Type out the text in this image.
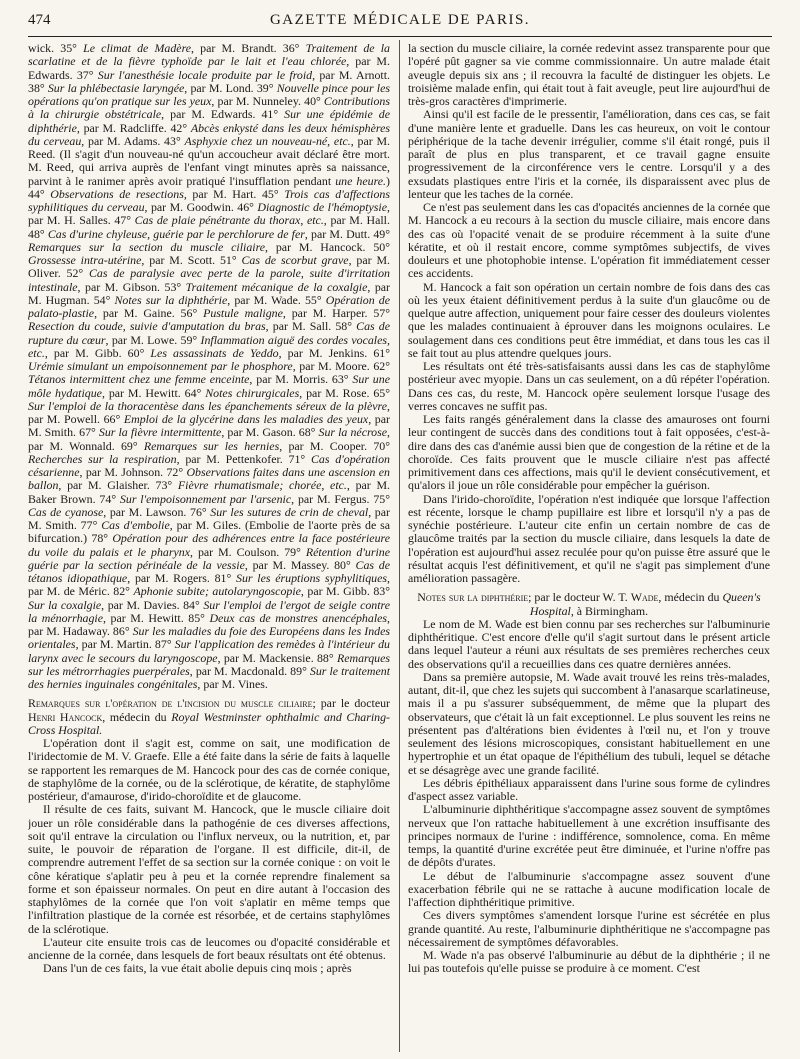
474	GAZETTE MÉDICALE DE PARIS.

wick. 35° Le climat de Madère, par M. Brandt. 36° Traitement de la scarlatine et de la fièvre typhoïde par le lait et l'eau chlorée, par M. Edwards. 37° Sur l'anesthésie locale produite par le froid, par M. Arnott. 38° Sur la phlébectasie laryngée, par M. Lond. 39° Nouvelle pince pour les opérations qu'on pratique sur les yeux, par M. Nunneley. 40° Contributions à la chirurgie obstétricale, par M. Edwards. 41° Sur une épidémie de diphthérie, par M. Radcliffe. 42° Abcès enkysté dans les deux hémisphères du cerveau, par M. Adams. 43° Asphyxie chez un nouveau-né, etc., par M. Reed. (Il s'agit d'un nouveau-né qu'un accoucheur avait déclaré être mort. M. Reed, qui arriva auprès de l'enfant vingt minutes après sa naissance, parvint à le ranimer après avoir pratiqué l'insufflation pendant une heure.) 44° Observations de resections, par M. Hart. 45° Trois cas d'affections syphilitiques du cerveau, par M. Goodwin. 46° Diagnostic de l'hémoptysie, par M. H. Salles. 47° Cas de plaie pénétrante du thorax, etc., par M. Hall. 48° Cas d'urine chyleuse, guérie par le perchlorure de fer, par M. Dutt. 49° Remarques sur la section du muscle ciliaire, par M. Hancock. 50° Grossesse intra-utérine, par M. Scott. 51° Cas de scorbut grave, par M. Oliver. 52° Cas de paralysie avec perte de la parole, suite d'irritation intestinale, par M. Gibson. 53° Traitement mécanique de la coxalgie, par M. Hugman. 54° Notes sur la diphthérie, par M. Wade. 55° Opération de palato-plastie, par M. Gaine. 56° Pustule maligne, par M. Harper. 57° Resection du coude, suivie d'amputation du bras, par M. Sall. 58° Cas de rupture du cœur, par M. Lowe. 59° Inflammation aiguë des cordes vocales, etc., par M. Gibb. 60° Les assassinats de Yeddo, par M. Jenkins. 61° Urémie simulant un empoisonnement par le phosphore, par M. Moore. 62° Tétanos intermittent chez une femme enceinte, par M. Morris. 63° Sur une môle hydatique, par M. Hewitt. 64° Notes chirurgicales, par M. Rose. 65° Sur l'emploi de la thoracentèse dans les épanchements séreux de la plèvre, par M. Powell. 66° Emploi de la glycérine dans les maladies des yeux, par M. Smith. 67° Sur la fièvre intermittente, par M. Gason. 68° Sur la nécrose, par M. Wonnald. 69° Remarques sur les hernies, par M. Cooper. 70° Recherches sur la respiration, par M. Pettenkofer. 71° Cas d'opération césarienne, par M. Johnson. 72° Observations faites dans une ascension en ballon, par M. Glaisher. 73° Fièvre rhumatismale; chorée, etc., par M. Baker Brown. 74° Sur l'empoisonnement par l'arsenic, par M. Fergus. 75° Cas de cyanose, par M. Lawson. 76° Sur les sutures de crin de cheval, par M. Smith. 77° Cas d'embolie, par M. Giles. (Embolie de l'aorte près de sa bifurcation.) 78° Opération pour des adhérences entre la face postérieure du voile du palais et le pharynx, par M. Coulson. 79° Rétention d'urine guérie par la section périnéale de la vessie, par M. Massey. 80° Cas de tétanos idiopathique, par M. Rogers. 81° Sur les éruptions syphylitiques, par M. de Méric. 82° Aphonie subite; autolaryngoscopie, par M. Gibb. 83° Sur la coxalgie, par M. Davies. 84° Sur l'emploi de l'ergot de seigle contre la ménorrhagie, par M. Hewitt. 85° Deux cas de monstres anencéphales, par M. Hadaway. 86° Sur les maladies du foie des Européens dans les Indes orientales, par M. Martin. 87° Sur l'application des remèdes à l'intérieur du larynx avec le secours du laryngoscope, par M. Mackensie. 88° Remarques sur les métrorrhagies puerpérales, par M. Macdonald. 89° Sur le traitement des hernies inguinales congénitales, par M. Vines.

Remarques sur l'opération de l'incision du muscle ciliaire; par le docteur Henri Hancock, médecin du Royal Westminster ophthalmic and Charing-Cross Hospital.

L'opération dont il s'agit est, comme on sait, une modification de l'iridectomie de M. V. Graefe. Elle a été faite dans la série de faits à laquelle se rapportent les remarques de M. Hancock pour des cas de cornée conique, de staphylôme de la cornée, ou de la sclérotique, de kératite, de staphylôme postérieur, d'amaurose, d'irido-choroïdite et de glaucome.

Il résulte de ces faits, suivant M. Hancock, que le muscle ciliaire doit jouer un rôle considérable dans la pathogénie de ces diverses affections, soit qu'il entrave la circulation ou l'influx nerveux, ou la nutrition, et, par suite, le pouvoir de réparation de l'organe. Il est difficile, dit-il, de comprendre autrement l'effet de sa section sur la cornée conique : on voit le cône kératique s'aplatir peu à peu et la cornée reprendre finalement sa forme et son épaisseur normales. On peut en dire autant à l'occasion des staphylômes de la cornée que l'on voit s'aplatir en même temps que l'infiltration plastique de la cornée est résorbée, et de certains staphylômes de la sclérotique.

L'auteur cite ensuite trois cas de leucomes ou d'opacité considérable et ancienne de la cornée, dans lesquels de fort beaux résultats ont été obtenus.

Dans l'un de ces faits, la vue était abolie depuis cinq mois ; après

la section du muscle ciliaire, la cornée redevint assez transparente pour que l'opéré pût gagner sa vie comme commissionnaire. Un autre malade était aveugle depuis six ans ; il recouvra la faculté de distinguer les objets. Le troisième malade enfin, qui était tout à fait aveugle, peut lire aujourd'hui de très-gros caractères d'imprimerie.

Ainsi qu'il est facile de le pressentir, l'amélioration, dans ces cas, se fait d'une manière lente et graduelle. Dans les cas heureux, on voit le contour périphérique de la tache devenir irrégulier, comme s'il était rongé, puis il paraît de plus en plus transparent, et ce travail gagne ensuite progressivement de la circonférence vers le centre. Lorsqu'il y a des exsudats plastiques entre l'iris et la cornée, ils disparaissent avec plus de lenteur que les taches de la cornée.

Ce n'est pas seulement dans les cas d'opacités anciennes de la cornée que M. Hancock a eu recours à la section du muscle ciliaire, mais encore dans des cas où l'opacité venait de se produire récemment à la suite d'une kératite, et où il restait encore, comme symptômes subjectifs, de vives douleurs et une photophobie intense. L'opération fit immédiatement cesser ces accidents.

M. Hancock a fait son opération un certain nombre de fois dans des cas où les yeux étaient définitivement perdus à la suite d'un glaucôme ou de quelque autre affection, uniquement pour faire cesser des douleurs violentes que les malades continuaient à éprouver dans les moignons oculaires. Le soulagement dans ces conditions peut être immédiat, et dans tous les cas il se fait tout au plus attendre quelques jours.

Les résultats ont été très-satisfaisants aussi dans les cas de staphylôme postérieur avec myopie. Dans un cas seulement, on a dû répéter l'opération. Dans ces cas, du reste, M. Hancock opère seulement lorsque l'usage des verres concaves ne suffit pas.

Les faits rangés généralement dans la classe des amauroses ont fourni leur contingent de succès dans des conditions tout à fait opposées, c'est-à-dire dans des cas d'anémie aussi bien que de congestion de la rétine et de la choroïde. Ces faits prouvent que le muscle ciliaire n'est pas affecté primitivement dans ces affections, mais qu'il le devient consécutivement, et qu'alors il joue un rôle considérable pour empêcher la guérison.

Dans l'irido-choroïdite, l'opération n'est indiquée que lorsque l'affection est récente, lorsque le champ pupillaire est libre et lorsqu'il n'y a pas de synéchie postérieure. L'auteur cite enfin un certain nombre de cas de glaucôme traités par la section du muscle ciliaire, dans lesquels la date de l'opération est aujourd'hui assez reculée pour qu'on puisse être assuré que le résultat acquis l'est définitivement, et qu'il ne s'agit pas simplement d'une amélioration passagère.

Notes sur la diphthérie; par le docteur W. T. Wade, médecin du Queen's Hospital, à Birmingham.

Le nom de M. Wade est bien connu par ses recherches sur l'albuminurie diphthéritique. C'est encore d'elle qu'il s'agit surtout dans le présent article dans lequel l'auteur a réuni aux résultats de ses premières recherches ceux des observations qu'il a recueillies dans ces quatre dernières années.

Dans sa première autopsie, M. Wade avait trouvé les reins très-malades, autant, dit-il, que chez les sujets qui succombent à l'anasarque scarlatineuse, mais il a pu s'assurer subséquemment, de même que la plupart des observateurs, que c'était là un fait exceptionnel. Le plus souvent les reins ne présentent pas d'altérations bien évidentes à l'œil nu, et l'on y trouve seulement des lésions microscopiques, consistant habituellement en une hypertrophie et un état opaque de l'épithélium des tubuli, lequel se détache et se désagrège avec une grande facilité.

Les débris épithéliaux apparaissent dans l'urine sous forme de cylindres d'aspect assez variable.

L'albuminurie diphthéritique s'accompagne assez souvent de symptômes nerveux que l'on rattache habituellement à une excrétion insuffisante des principes normaux de l'urine : indifférence, somnolence, coma. En même temps, la quantité d'urine excrétée peut être diminuée, et l'urine n'offre pas de dépôts d'urates.

Le début de l'albuminurie s'accompagne assez souvent d'une exacerbation fébrile qui ne se rattache à aucune modification locale de l'affection diphthéritique primitive.

Ces divers symptômes s'amendent lorsque l'urine est sécrétée en plus grande quantité. Au reste, l'albuminurie diphthéritique ne s'accompagne pas nécessairement de symptômes défavorables.

M. Wade n'a pas observé l'albuminurie au début de la diphthérie ; il ne lui pas toutefois qu'elle puisse se produire à ce moment. C'est
